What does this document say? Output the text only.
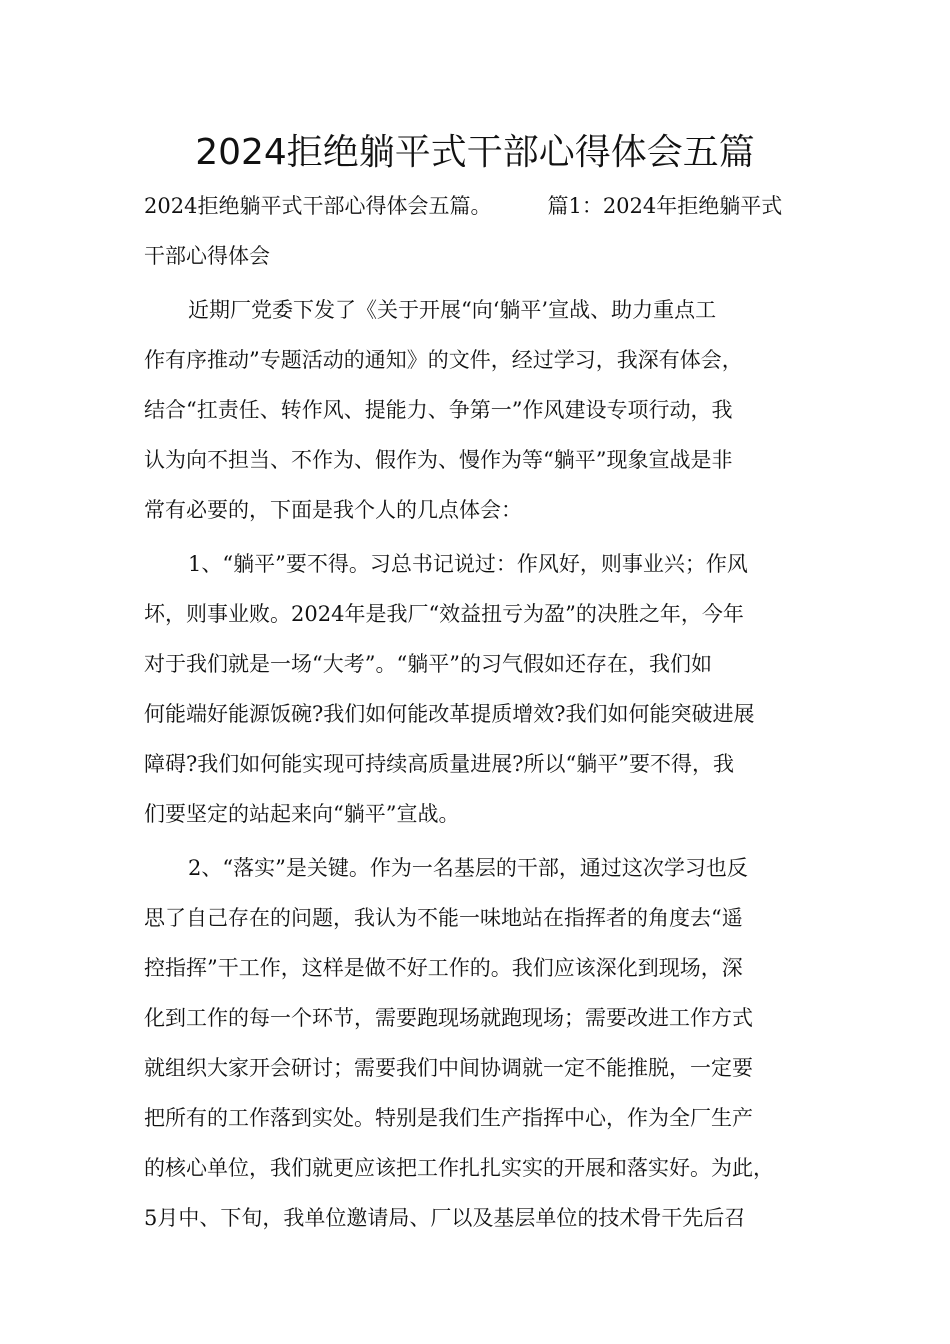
2024拒绝躺平式干部心得体会五篇
2024拒绝躺平式干部心得体会五篇。	篇1：2024年拒绝躺平式
干部心得体会
近期厂党委下发了《关于开展“向‘躺平’宣战、助力重点工
作有序推动”专题活动的通知》的文件，经过学习，我深有体会，
结合“扛责任、转作风、提能力、争第一”作风建设专项行动，我
认为向不担当、不作为、假作为、慢作为等“躺平”现象宣战是非
常有必要的，下面是我个人的几点体会：
1、“躺平”要不得。习总书记说过：作风好，则事业兴；作风
坏，则事业败。2024年是我厂“效益扭亏为盈”的决胜之年，今年
对于我们就是一场“大考”。“躺平”的习气假如还存在，我们如
何能端好能源饭碗?我们如何能改革提质增效?我们如何能突破进展
障碍?我们如何能实现可持续高质量进展?所以“躺平”要不得，我
们要坚定的站起来向“躺平”宣战。
2、“落实”是关键。作为一名基层的干部，通过这次学习也反
思了自己存在的问题，我认为不能一味地站在指挥者的角度去“遥
控指挥”干工作，这样是做不好工作的。我们应该深化到现场，深
化到工作的每一个环节，需要跑现场就跑现场；需要改进工作方式
就组织大家开会研讨；需要我们中间协调就一定不能推脱，一定要
把所有的工作落到实处。特别是我们生产指挥中心，作为全厂生产
的核心单位，我们就更应该把工作扎扎实实的开展和落实好。为此，
5月中、下旬，我单位邀请局、厂以及基层单位的技术骨干先后召
